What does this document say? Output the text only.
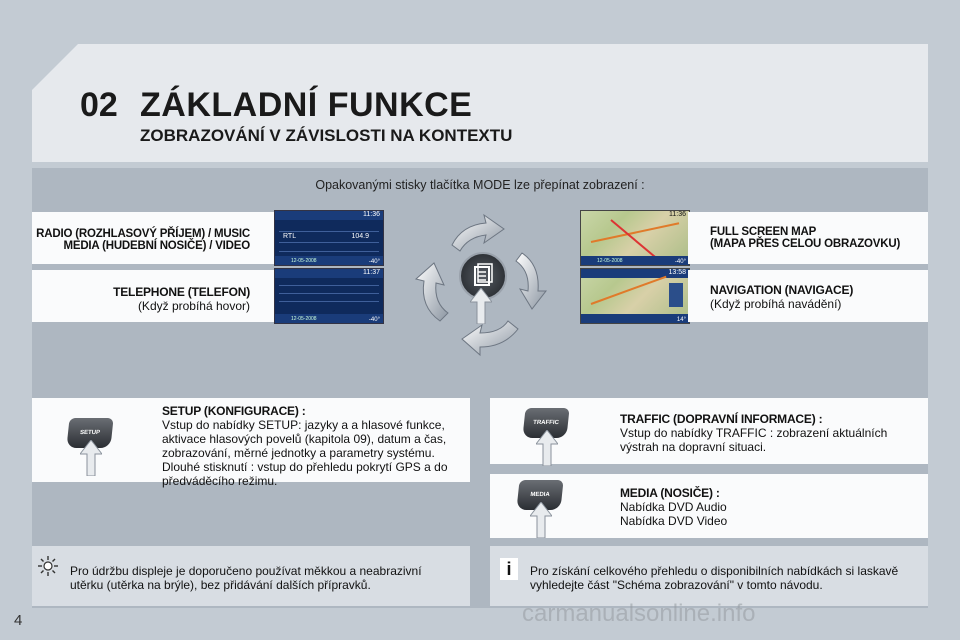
02 ZÁKLADNÍ FUNKCE
ZOBRAZOVÁNÍ V ZÁVISLOSTI NA KONTEXTU
Opakovanými stisky tlačítka MODE lze přepínat zobrazení :
RADIO (ROZHLASOVÝ PŘÍJEM) / MUSIC
MEDIA (HUDEBNÍ NOSIČE) / VIDEO
11:36
RTL	104.9
12-05-2008	-40°
TELEPHONE (TELEFON)
(Když probíhá hovor)
11:37
12-05-2008	-40°
11:36
12-05-2008	-40°
FULL SCREEN MAP
(MAPA PŘES CELOU OBRAZOVKU)
13:58
14°
NAVIGATION (NAVIGACE)
(Když probíhá navádění)
SETUP (KONFIGURACE) :
Vstup do nabídky SETUP: jazyky a a hlasové funkce,
aktivace hlasových povelů (kapitola 09), datum a čas,
zobrazování, měrné jednotky a parametry systému.
Dlouhé stisknutí : vstup do přehledu pokrytí GPS a do
předváděcího režimu.
SETUP
TRAFFIC (DOPRAVNÍ INFORMACE) :
Vstup do nabídky TRAFFIC : zobrazení aktuálních
výstrah na dopravní situaci.
TRAFFIC
MEDIA (NOSIČE) :
Nabídka DVD Audio
Nabídka DVD Video
MEDIA
Pro údržbu displeje je doporučeno používat měkkou a neabrazivní
utěrku (utěrka na brýle), bez přidávání dalších přípravků.
Pro získání celkového přehledu o disponibilních nabídkách si laskavě
vyhledejte část "Schéma zobrazování" v tomto návodu.
i
4	carmanualsonline.info
